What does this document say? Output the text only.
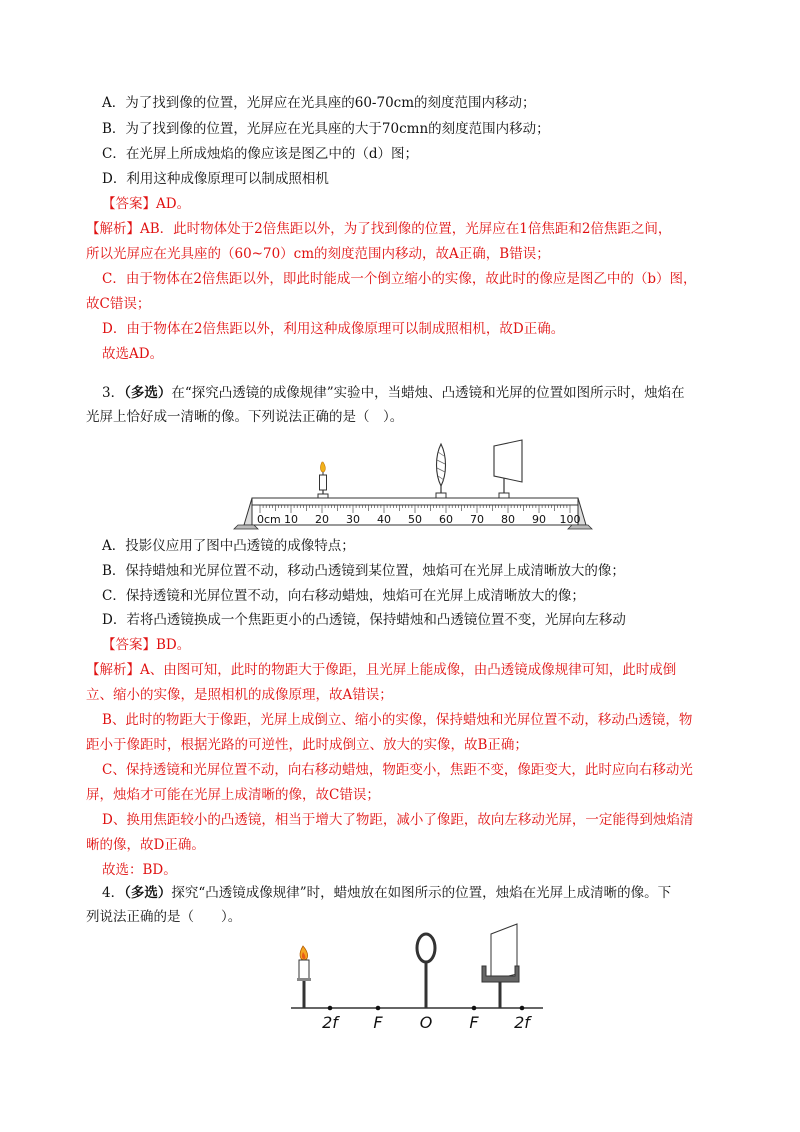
A．为了找到像的位置，光屏应在光具座的60-70cm的刻度范围内移动；
B．为了找到像的位置，光屏应在光具座的大于70cmn的刻度范围内移动；
C．在光屏上所成烛焰的像应该是图乙中的（d）图；
D．利用这种成像原理可以制成照相机
【答案】AD。
【解析】AB．此时物体处于2倍焦距以外，为了找到像的位置，光屏应在1倍焦距和2倍焦距之间，
所以光屏应在光具座的（60~70）cm的刻度范围内移动，故A正确，B错误；
C．由于物体在2倍焦距以外，即此时能成一个倒立缩小的实像，故此时的像应是图乙中的（b）图，
故C错误；
D．由于物体在2倍焦距以外，利用这种成像原理可以制成照相机，故D正确。
故选AD。
3．（多选）在“探究凸透镜的成像规律”实验中，当蜡烛、凸透镜和光屏的位置如图所示时，烛焰在
光屏上恰好成一清晰的像。下列说法正确的是（　）。
0cm 10 20 30 40 50 60 70 80 90 100
A．投影仪应用了图中凸透镜的成像特点；
B．保持蜡烛和光屏位置不动，移动凸透镜到某位置，烛焰可在光屏上成清晰放大的像；
C．保持透镜和光屏位置不动，向右移动蜡烛，烛焰可在光屏上成清晰放大的像；
D．若将凸透镜换成一个焦距更小的凸透镜，保持蜡烛和凸透镜位置不变，光屏向左移动
【答案】BD。
【解析】A、由图可知，此时的物距大于像距，且光屏上能成像，由凸透镜成像规律可知，此时成倒
立、缩小的实像，是照相机的成像原理，故A错误；
B、此时的物距大于像距，光屏上成倒立、缩小的实像，保持蜡烛和光屏位置不动，移动凸透镜，物
距小于像距时，根据光路的可逆性，此时成倒立、放大的实像，故B正确；
C、保持透镜和光屏位置不动，向右移动蜡烛，物距变小，焦距不变，像距变大，此时应向右移动光
屏，烛焰才可能在光屏上成清晰的像，故C错误；
D、换用焦距较小的凸透镜，相当于增大了物距，减小了像距，故向左移动光屏，一定能得到烛焰清
晰的像，故D正确。
故选：BD。
4．（多选）探究“凸透镜成像规律”时，蜡烛放在如图所示的位置，烛焰在光屏上成清晰的像。下
列说法正确的是（　　）。
2f F O F 2f
